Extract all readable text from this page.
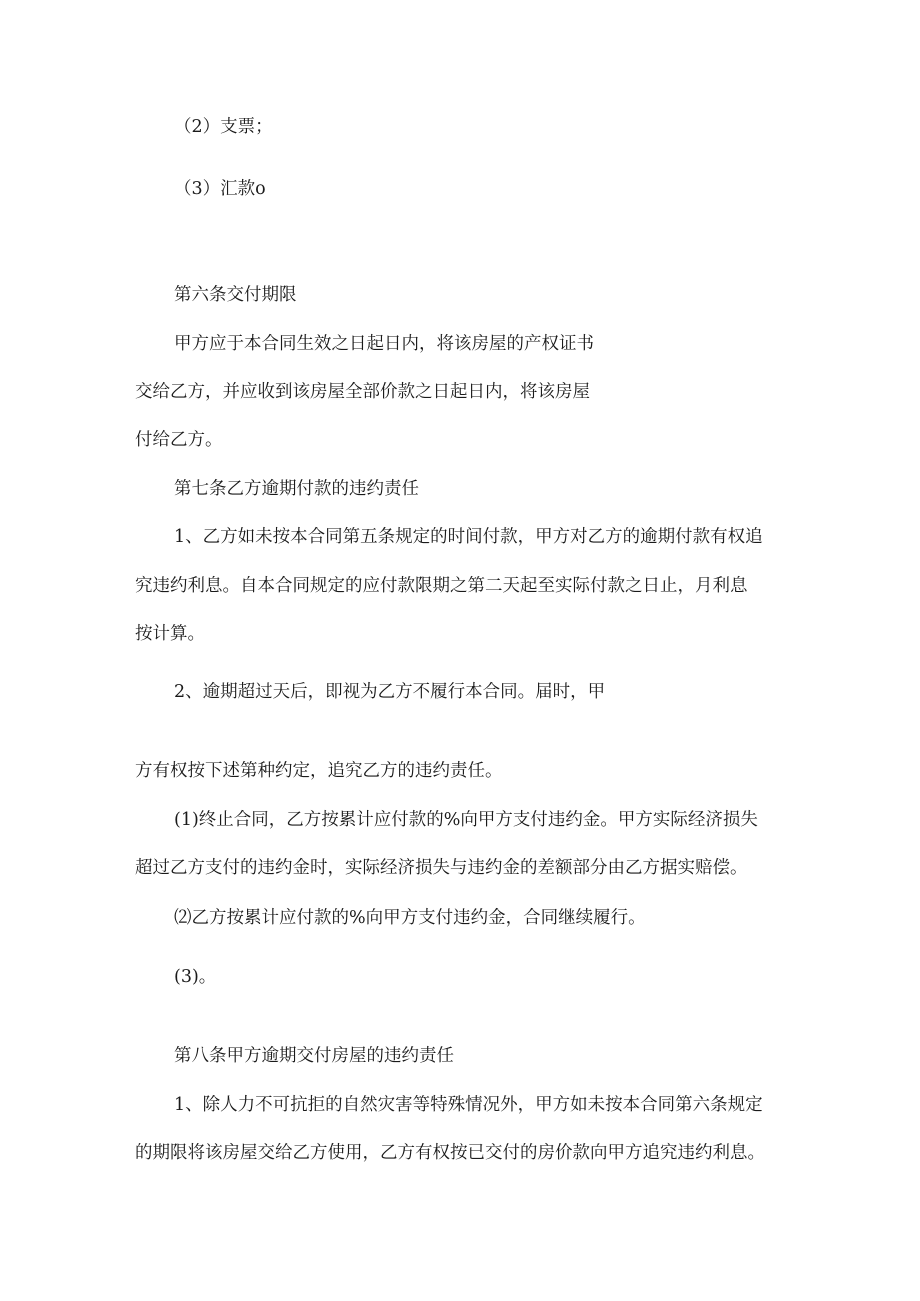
（2）支票；

（3）汇款o

第六条交付期限

甲方应于本合同生效之日起日内，将该房屋的产权证书

交给乙方，并应收到该房屋全部价款之日起日内，将该房屋

付给乙方。

第七条乙方逾期付款的违约责任

1、乙方如未按本合同第五条规定的时间付款，甲方对乙方的逾期付款有权追

究违约利息。自本合同规定的应付款限期之第二天起至实际付款之日止，月利息

按计算。

2、逾期超过天后，即视为乙方不履行本合同。届时，甲

方有权按下述第种约定，追究乙方的违约责任。

(1)终止合同，乙方按累计应付款的%向甲方支付违约金。甲方实际经济损失

超过乙方支付的违约金时，实际经济损失与违约金的差额部分由乙方据实赔偿。

⑵乙方按累计应付款的%向甲方支付违约金，合同继续履行。

(3)。

第八条甲方逾期交付房屋的违约责任

1、除人力不可抗拒的自然灾害等特殊情况外，甲方如未按本合同第六条规定

的期限将该房屋交给乙方使用，乙方有权按已交付的房价款向甲方追究违约利息。
